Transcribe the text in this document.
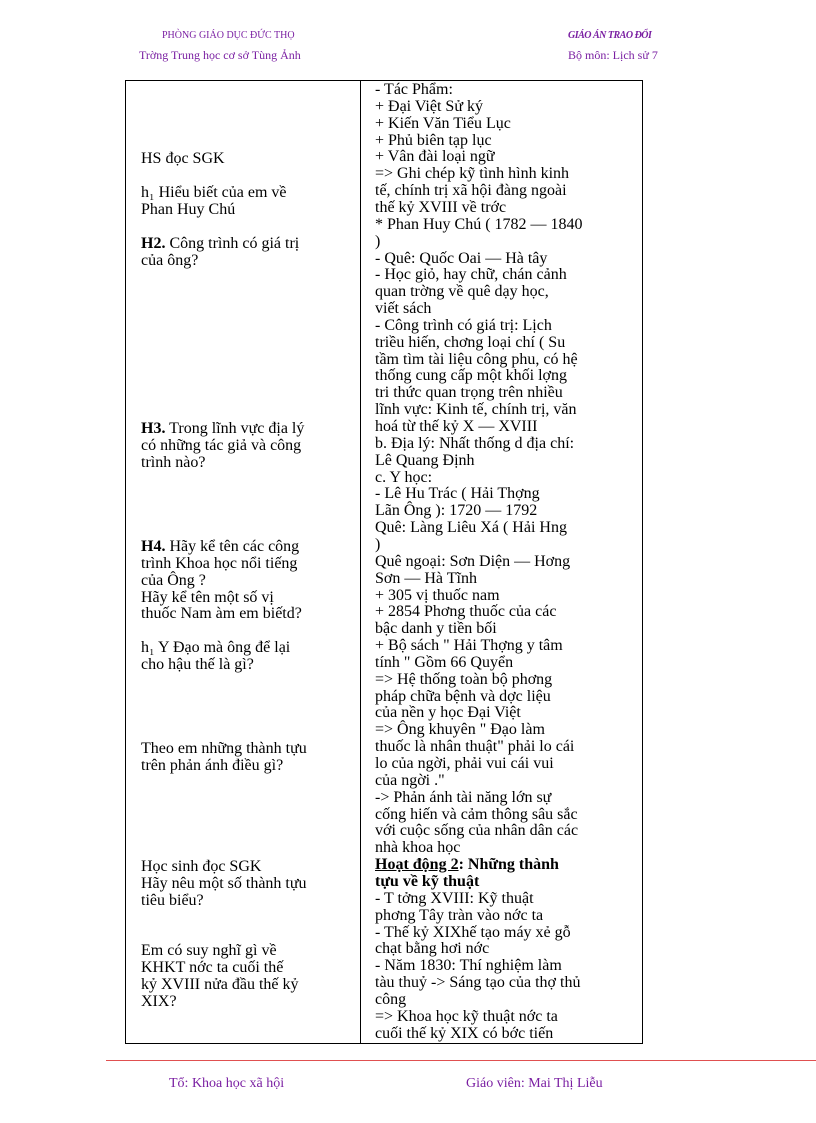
PHÒNG GIÁO DỤC ĐỨC THỌ
Trờng Trung học cơ sở Tùng Ảnh
GIÁO ÁN TRAO ĐỔI
Bộ môn: Lịch sử 7
HS đọc SGK
h₁ Hiểu biết của em về
Phan Huy Chú
H2. Công trình có giá trị
của ông?
H3. Trong lĩnh vực địa lý
có những tác giả và công
trình nào?
H4. Hãy kể tên các công
trình Khoa học nổi tiếng
của Ông ?
Hãy kể tên một số vị
thuốc Nam àm em biếtd?
h₁ Y Đạo mà ông để lại
cho hậu thế là gì?
Theo em những thành tựu
trên phản ánh điều gì?
Học sinh đọc SGK
Hãy nêu một số thành tựu
tiêu biểu?
Em có suy nghĩ gì về
KHKT nớc ta cuối thế
kỷ XVIII nửa đầu thế kỷ
XIX?
- Tác Phẩm:
+ Đại Việt Sử ký
+ Kiến Văn Tiểu Lục
+ Phủ biên tạp lục
+ Vân đài loại ngữ
=> Ghi chép kỹ tình hình kinh
tế, chính trị xã hội đàng ngoài
thế kỷ XVIII về trớc
* Phan Huy Chú ( 1782 — 1840
)
- Quê: Quốc Oai — Hà tây
- Học giỏ, hay chữ, chán cảnh
quan trờng về quê dạy học,
viết sách
- Công trình có giá trị: Lịch
triều hiến, chơng loại chí ( Su
tầm tìm tài liệu công phu, có hệ
thống cung cấp một khối lợng
tri thức quan trọng trên nhiều
lĩnh vực: Kinh tế, chính trị, văn
hoá từ thế kỷ X — XVIII
b. Địa lý: Nhất thống d địa chí:
Lê Quang Định
c. Y học:
- Lê Hu Trác ( Hải Thợng
Lãn Ông ): 1720 — 1792
Quê: Làng Liêu Xá ( Hải Hng
)
Quê ngoại: Sơn Diện — Hơng
Sơn — Hà Tĩnh
+ 305 vị thuốc nam
+ 2854 Phơng thuốc của các
bậc danh y tiền bối
+ Bộ sách " Hải Thợng y tâm
tính " Gồm 66 Quyển
=> Hệ thống toàn bộ phơng
pháp chữa bệnh và dợc liệu
của nền y học Đại Việt
=> Ông khuyên " Đạo làm
thuốc là nhân thuật" phải lo cái
lo của ngời, phải vui cái vui
của ngời ."
-> Phản ánh tài năng lớn sự
cống hiến và cảm thông sâu sắc
với cuộc sống của nhân dân các
nhà khoa học
Hoạt động 2: Những thành
tựu về kỹ thuật
- T tởng XVIII: Kỹ thuật
phơng Tây tràn vào nớc ta
- Thế kỷ XIXhế tạo máy xẻ gỗ
chạt bằng hơi nớc
- Năm 1830: Thí nghiệm làm
tàu thuỷ -> Sáng tạo của thợ thủ
công
=> Khoa học kỹ thuật nớc ta
cuối thế kỷ XIX có bớc tiến
Tổ: Khoa học xã hội	Giáo viên: Mai Thị Liễu
